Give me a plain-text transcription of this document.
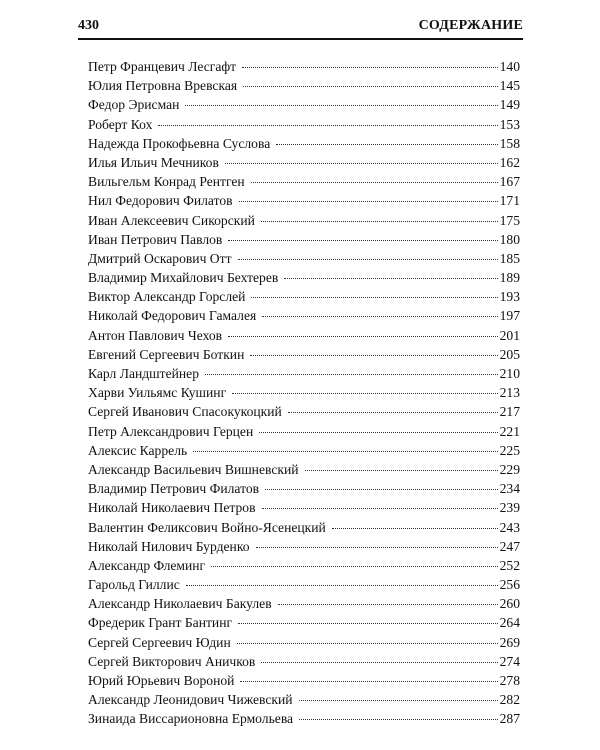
430	СОДЕРЖАНИЕ
Петр Францевич Лесгафт	140
Юлия Петровна Вревская	145
Федор Эрисман	149
Роберт Кох	153
Надежда Прокофьевна Суслова	158
Илья Ильич Мечников	162
Вильгельм Конрад Рентген	167
Нил Федорович Филатов	171
Иван Алексеевич Сикорский	175
Иван Петрович Павлов	180
Дмитрий Оскарович Отт	185
Владимир Михайлович Бехтерев	189
Виктор Александр Горслей	193
Николай Федорович Гамалея	197
Антон Павлович Чехов	201
Евгений Сергеевич Боткин	205
Карл Ландштейнер	210
Харви Уильямс Кушинг	213
Сергей Иванович Спасокукоцкий	217
Петр Александрович Герцен	221
Алексис Каррель	225
Александр Васильевич Вишневский	229
Владимир Петрович Филатов	234
Николай Николаевич Петров	239
Валентин Феликсович Войно-Ясенецкий	243
Николай Нилович Бурденко	247
Александр Флеминг	252
Гарольд Гиллис	256
Александр Николаевич Бакулев	260
Фредерик Грант Бантинг	264
Сергей Сергеевич Юдин	269
Сергей Викторович Аничков	274
Юрий Юрьевич Вороной	278
Александр Леонидович Чижевский	282
Зинаида Виссарионовна Ермольева	287
